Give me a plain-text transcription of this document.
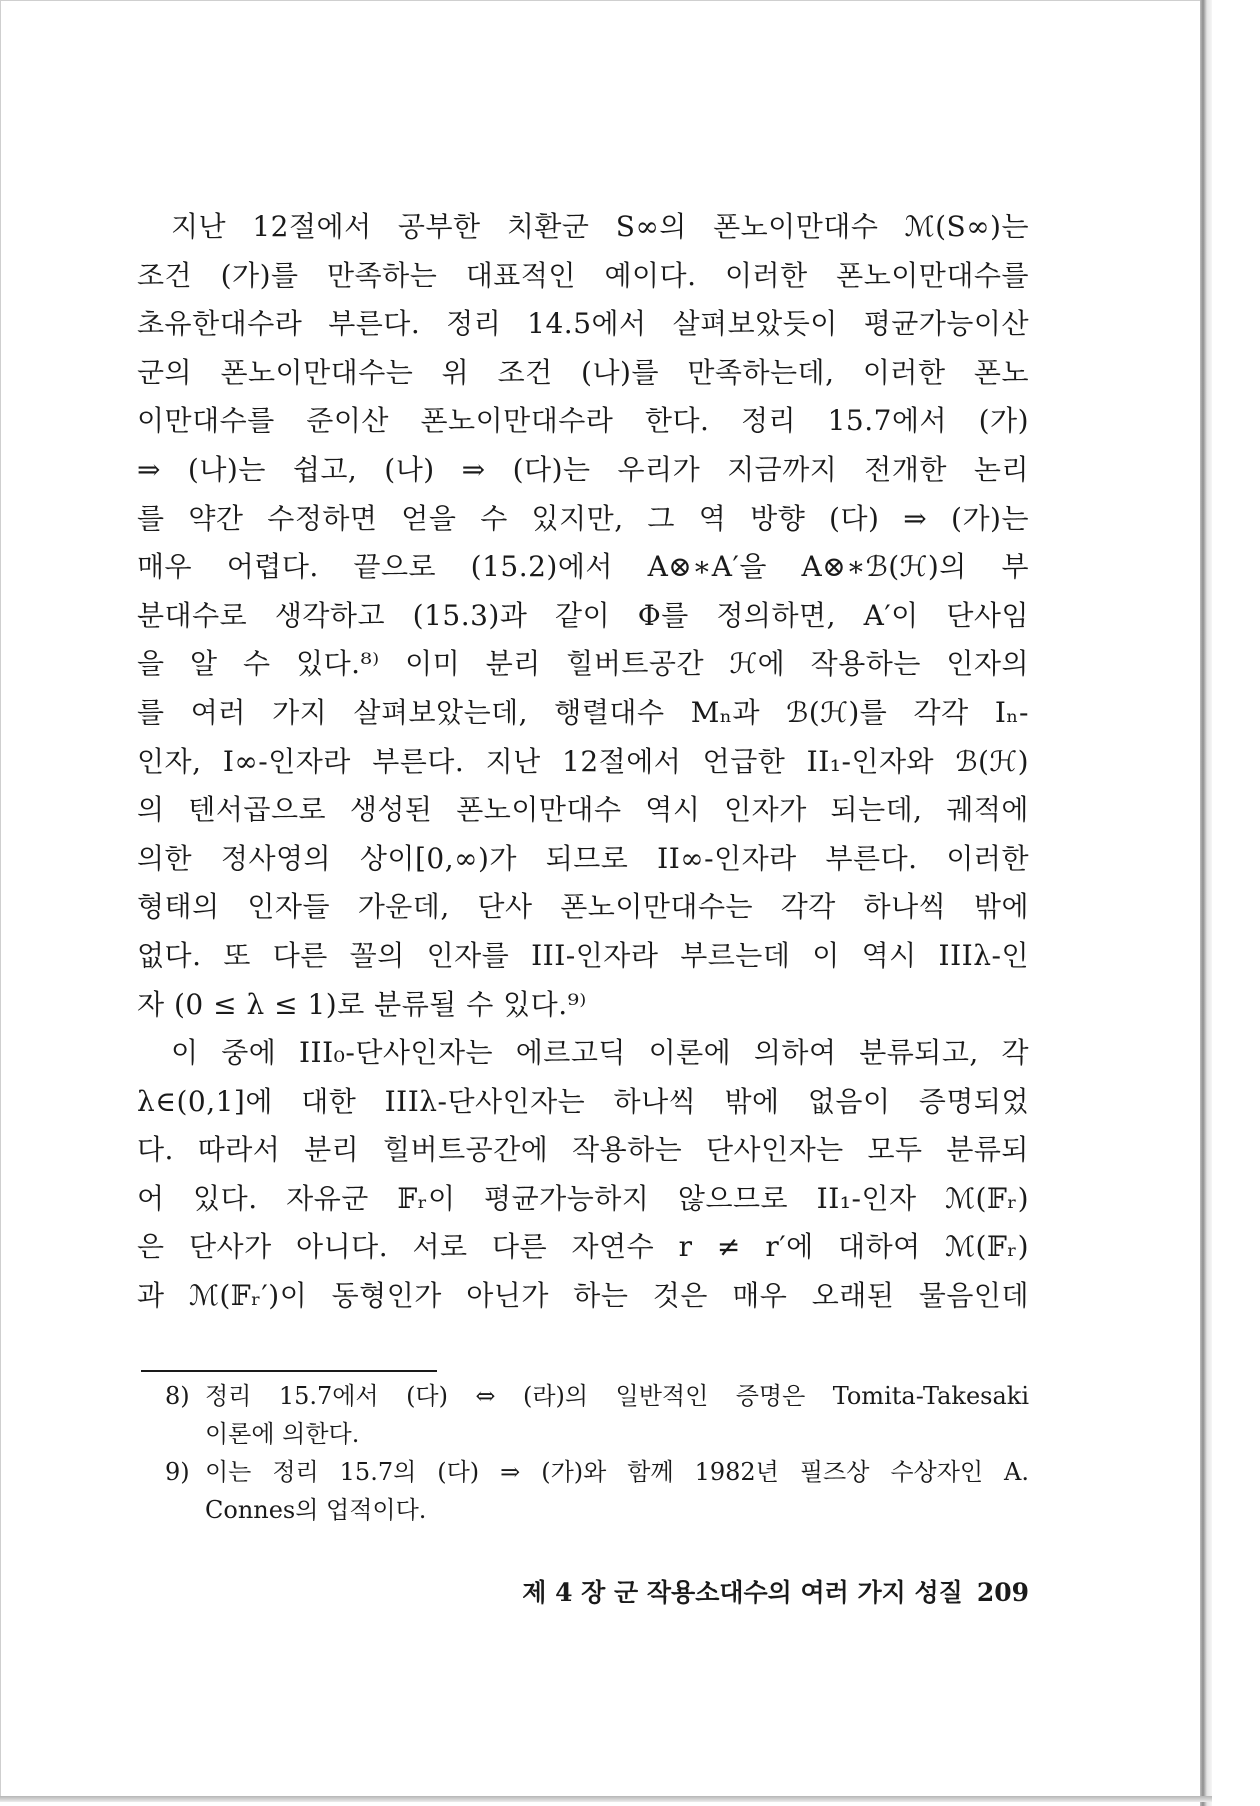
지난 12절에서 공부한 치환군 S∞의 폰노이만대수 ℳ(S∞)는

조건 (가)를 만족하는 대표적인 예이다. 이러한 폰노이만대수를

초유한대수라 부른다. 정리 14.5에서 살펴보았듯이 평균가능이산

군의 폰노이만대수는 위 조건 (나)를 만족하는데, 이러한 폰노

이만대수를 준이산 폰노이만대수라 한다. 정리 15.7에서 (가)

⇒ (나)는 쉽고, (나) ⇒ (다)는 우리가 지금까지 전개한 논리

를 약간 수정하면 얻을 수 있지만, 그 역 방향 (다) ⇒ (가)는

매우 어렵다. 끝으로 (15.2)에서 A⊗∗A′을 A⊗∗ℬ(ℋ)의 부

분대수로 생각하고 (15.3)과 같이 Φ를 정의하면, A′이 단사임

을 알 수 있다.⁸⁾ 이미 분리 힐버트공간 ℋ에 작용하는 인자의

를 여러 가지 살펴보았는데, 행렬대수 Mₙ과 ℬ(ℋ)를 각각 Iₙ-

인자, I∞-인자라 부른다. 지난 12절에서 언급한 II₁-인자와 ℬ(ℋ)

의 텐서곱으로 생성된 폰노이만대수 역시 인자가 되는데, 궤적에

의한 정사영의 상이[0,∞)가 되므로 II∞-인자라 부른다. 이러한

형태의 인자들 가운데, 단사 폰노이만대수는 각각 하나씩 밖에

없다. 또 다른 꼴의 인자를 III-인자라 부르는데 이 역시 IIIλ-인

자 (0 ≤ λ ≤ 1)로 분류될 수 있다.⁹⁾

이 중에 III₀-단사인자는 에르고딕 이론에 의하여 분류되고, 각

λ∈(0,1]에 대한 IIIλ-단사인자는 하나씩 밖에 없음이 증명되었

다. 따라서 분리 힐버트공간에 작용하는 단사인자는 모두 분류되

어 있다. 자유군 𝔽ᵣ이 평균가능하지 않으므로 II₁-인자 ℳ(𝔽ᵣ)

은 단사가 아니다. 서로 다른 자연수 r ≠ r′에 대하여 ℳ(𝔽ᵣ)

과 ℳ(𝔽ᵣ′)이 동형인가 아닌가 하는 것은 매우 오래된 물음인데

8) 정리 15.7에서 (다) ⇔ (라)의 일반적인 증명은 Tomita-Takesaki
이론에 의한다.
9) 이는 정리 15.7의 (다) ⇒ (가)와 함께 1982년 필즈상 수상자인 A.
Connes의 업적이다.
제 4 장 군 작용소대수의 여러 가지 성질 209
